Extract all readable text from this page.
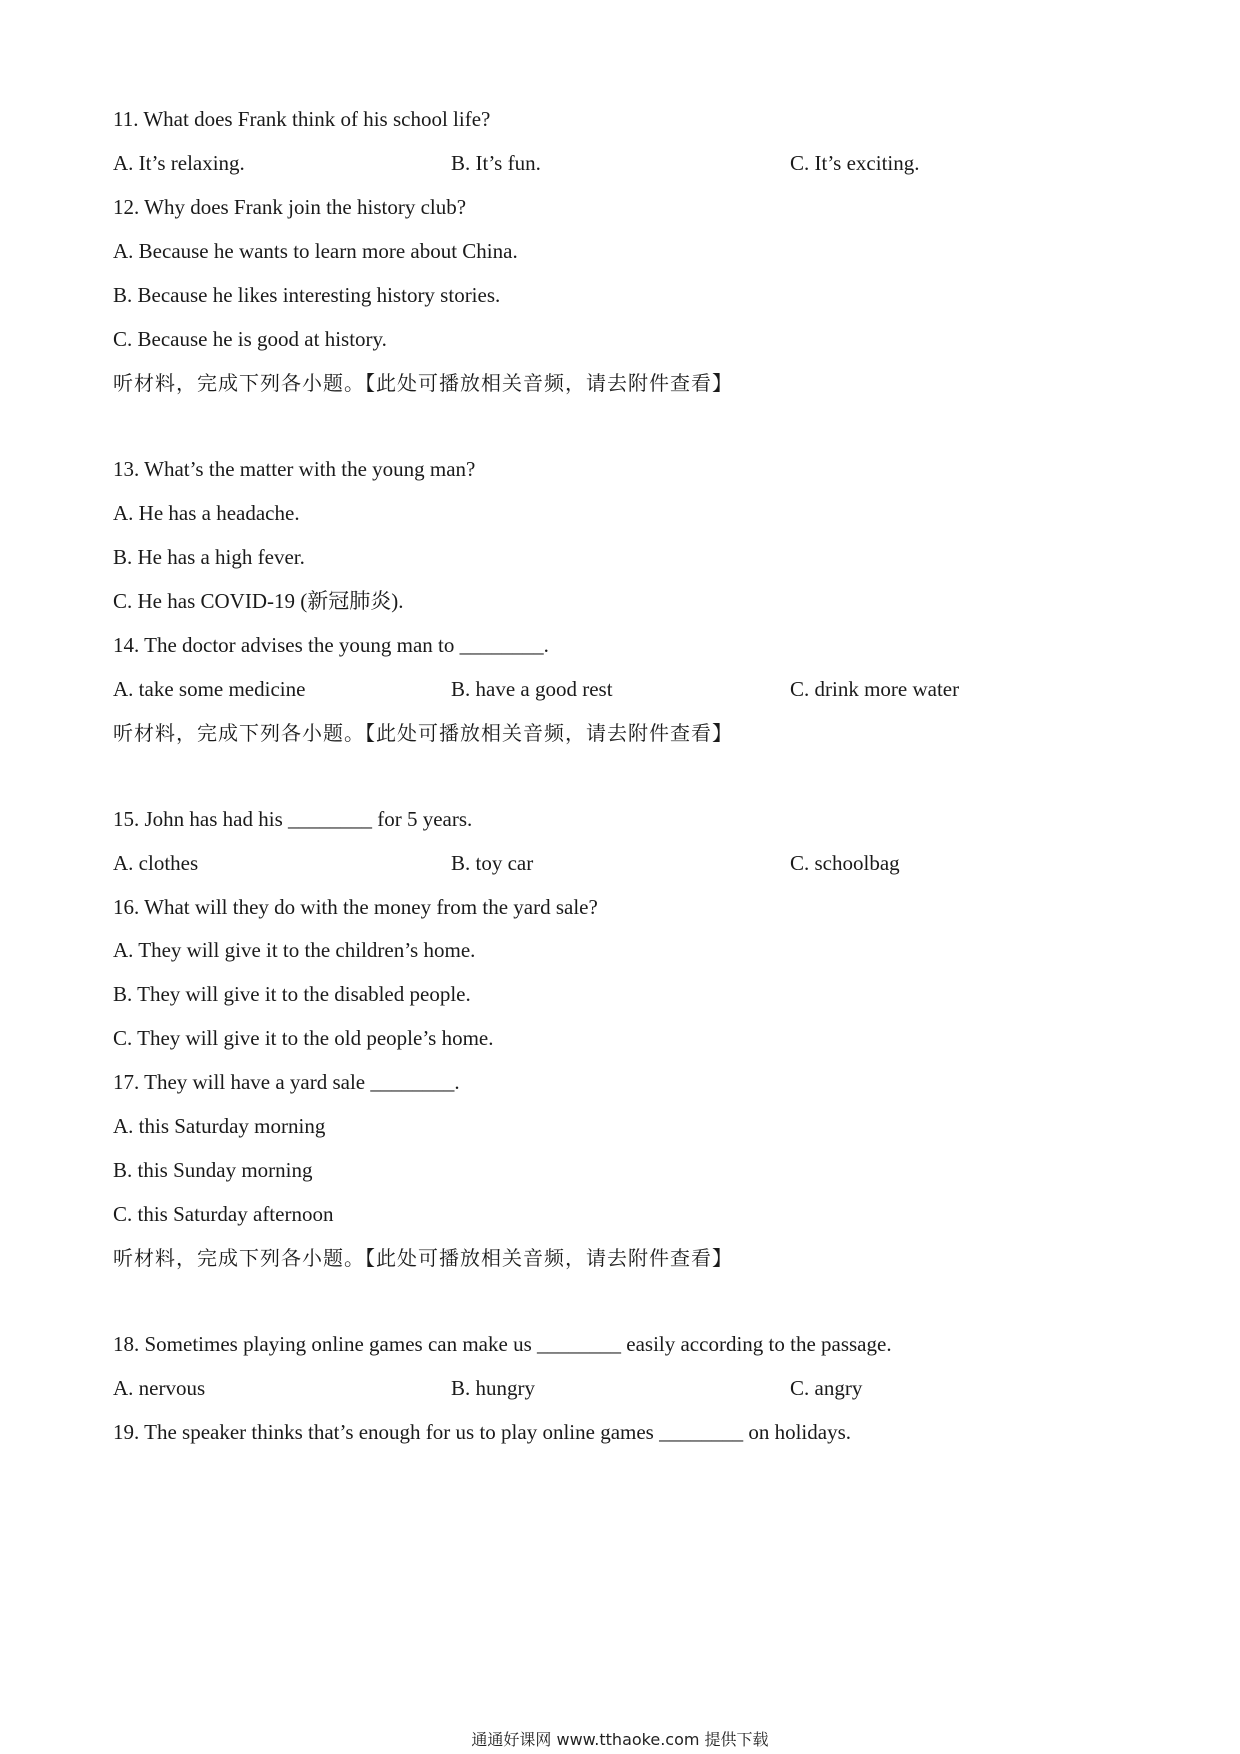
11. What does Frank think of his school life?
A. It’s relaxing.	B. It’s fun.	C. It’s exciting.
12. Why does Frank join the history club?
A. Because he wants to learn more about China.
B. Because he likes interesting history stories.
C. Because he is good at history.
听材料，完成下列各小题。【此处可播放相关音频，请去附件查看】
13. What’s the matter with the young man?
A. He has a headache.
B. He has a high fever.
C. He has COVID-19 (新冠肺炎).
14. The doctor advises the young man to ________.
A. take some medicine	B. have a good rest	C. drink more water
听材料，完成下列各小题。【此处可播放相关音频，请去附件查看】
15. John has had his ________ for 5 years.
A. clothes	B. toy car	C. schoolbag
16. What will they do with the money from the yard sale?
A. They will give it to the children’s home.
B. They will give it to the disabled people.
C. They will give it to the old people’s home.
17. They will have a yard sale ________.
A. this Saturday morning
B. this Sunday morning
C. this Saturday afternoon
听材料，完成下列各小题。【此处可播放相关音频，请去附件查看】
18. Sometimes playing online games can make us ________ easily according to the passage.
A. nervous	B. hungry	C. angry
19. The speaker thinks that’s enough for us to play online games ________ on holidays.
通通好课网 www.tthaoke.com 提供下载
